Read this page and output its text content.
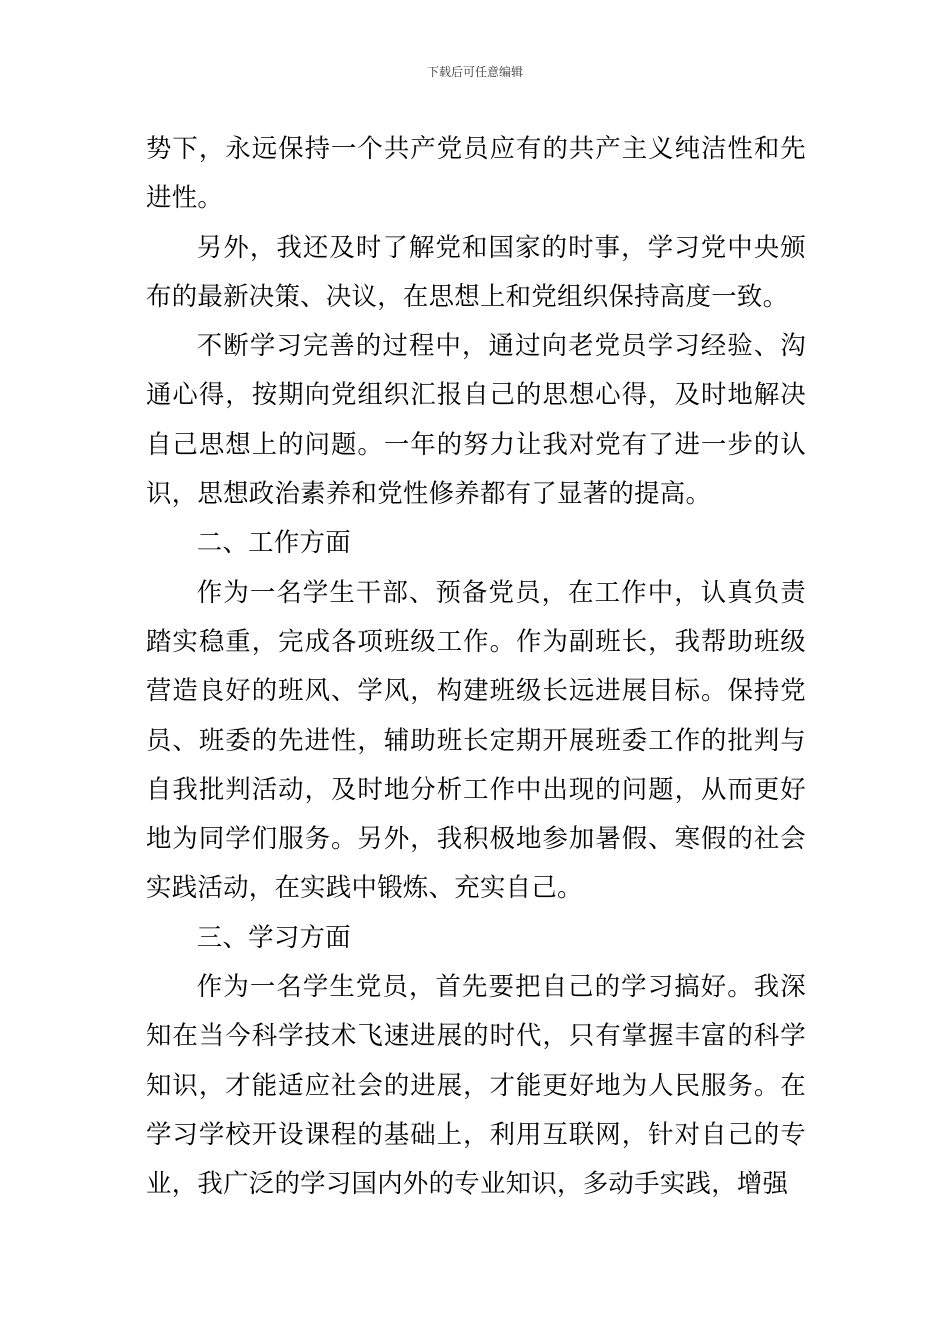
下载后可任意编辑

势下，永远保持一个共产党员应有的共产主义纯洁性和先进性。

另外，我还及时了解党和国家的时事，学习党中央颁布的最新决策、决议，在思想上和党组织保持高度一致。

不断学习完善的过程中，通过向老党员学习经验、沟通心得，按期向党组织汇报自己的思想心得，及时地解决自己思想上的问题。一年的努力让我对党有了进一步的认识，思想政治素养和党性修养都有了显著的提高。

二、工作方面

作为一名学生干部、预备党员，在工作中，认真负责踏实稳重，完成各项班级工作。作为副班长，我帮助班级营造良好的班风、学风，构建班级长远进展目标。保持党员、班委的先进性，辅助班长定期开展班委工作的批判与自我批判活动，及时地分析工作中出现的问题，从而更好地为同学们服务。另外，我积极地参加暑假、寒假的社会实践活动，在实践中锻炼、充实自己。

三、学习方面

作为一名学生党员，首先要把自己的学习搞好。我深知在当今科学技术飞速进展的时代，只有掌握丰富的科学知识，才能适应社会的进展，才能更好地为人民服务。在学习学校开设课程的基础上，利用互联网，针对自己的专业，我广泛的学习国内外的专业知识，多动手实践，增强
